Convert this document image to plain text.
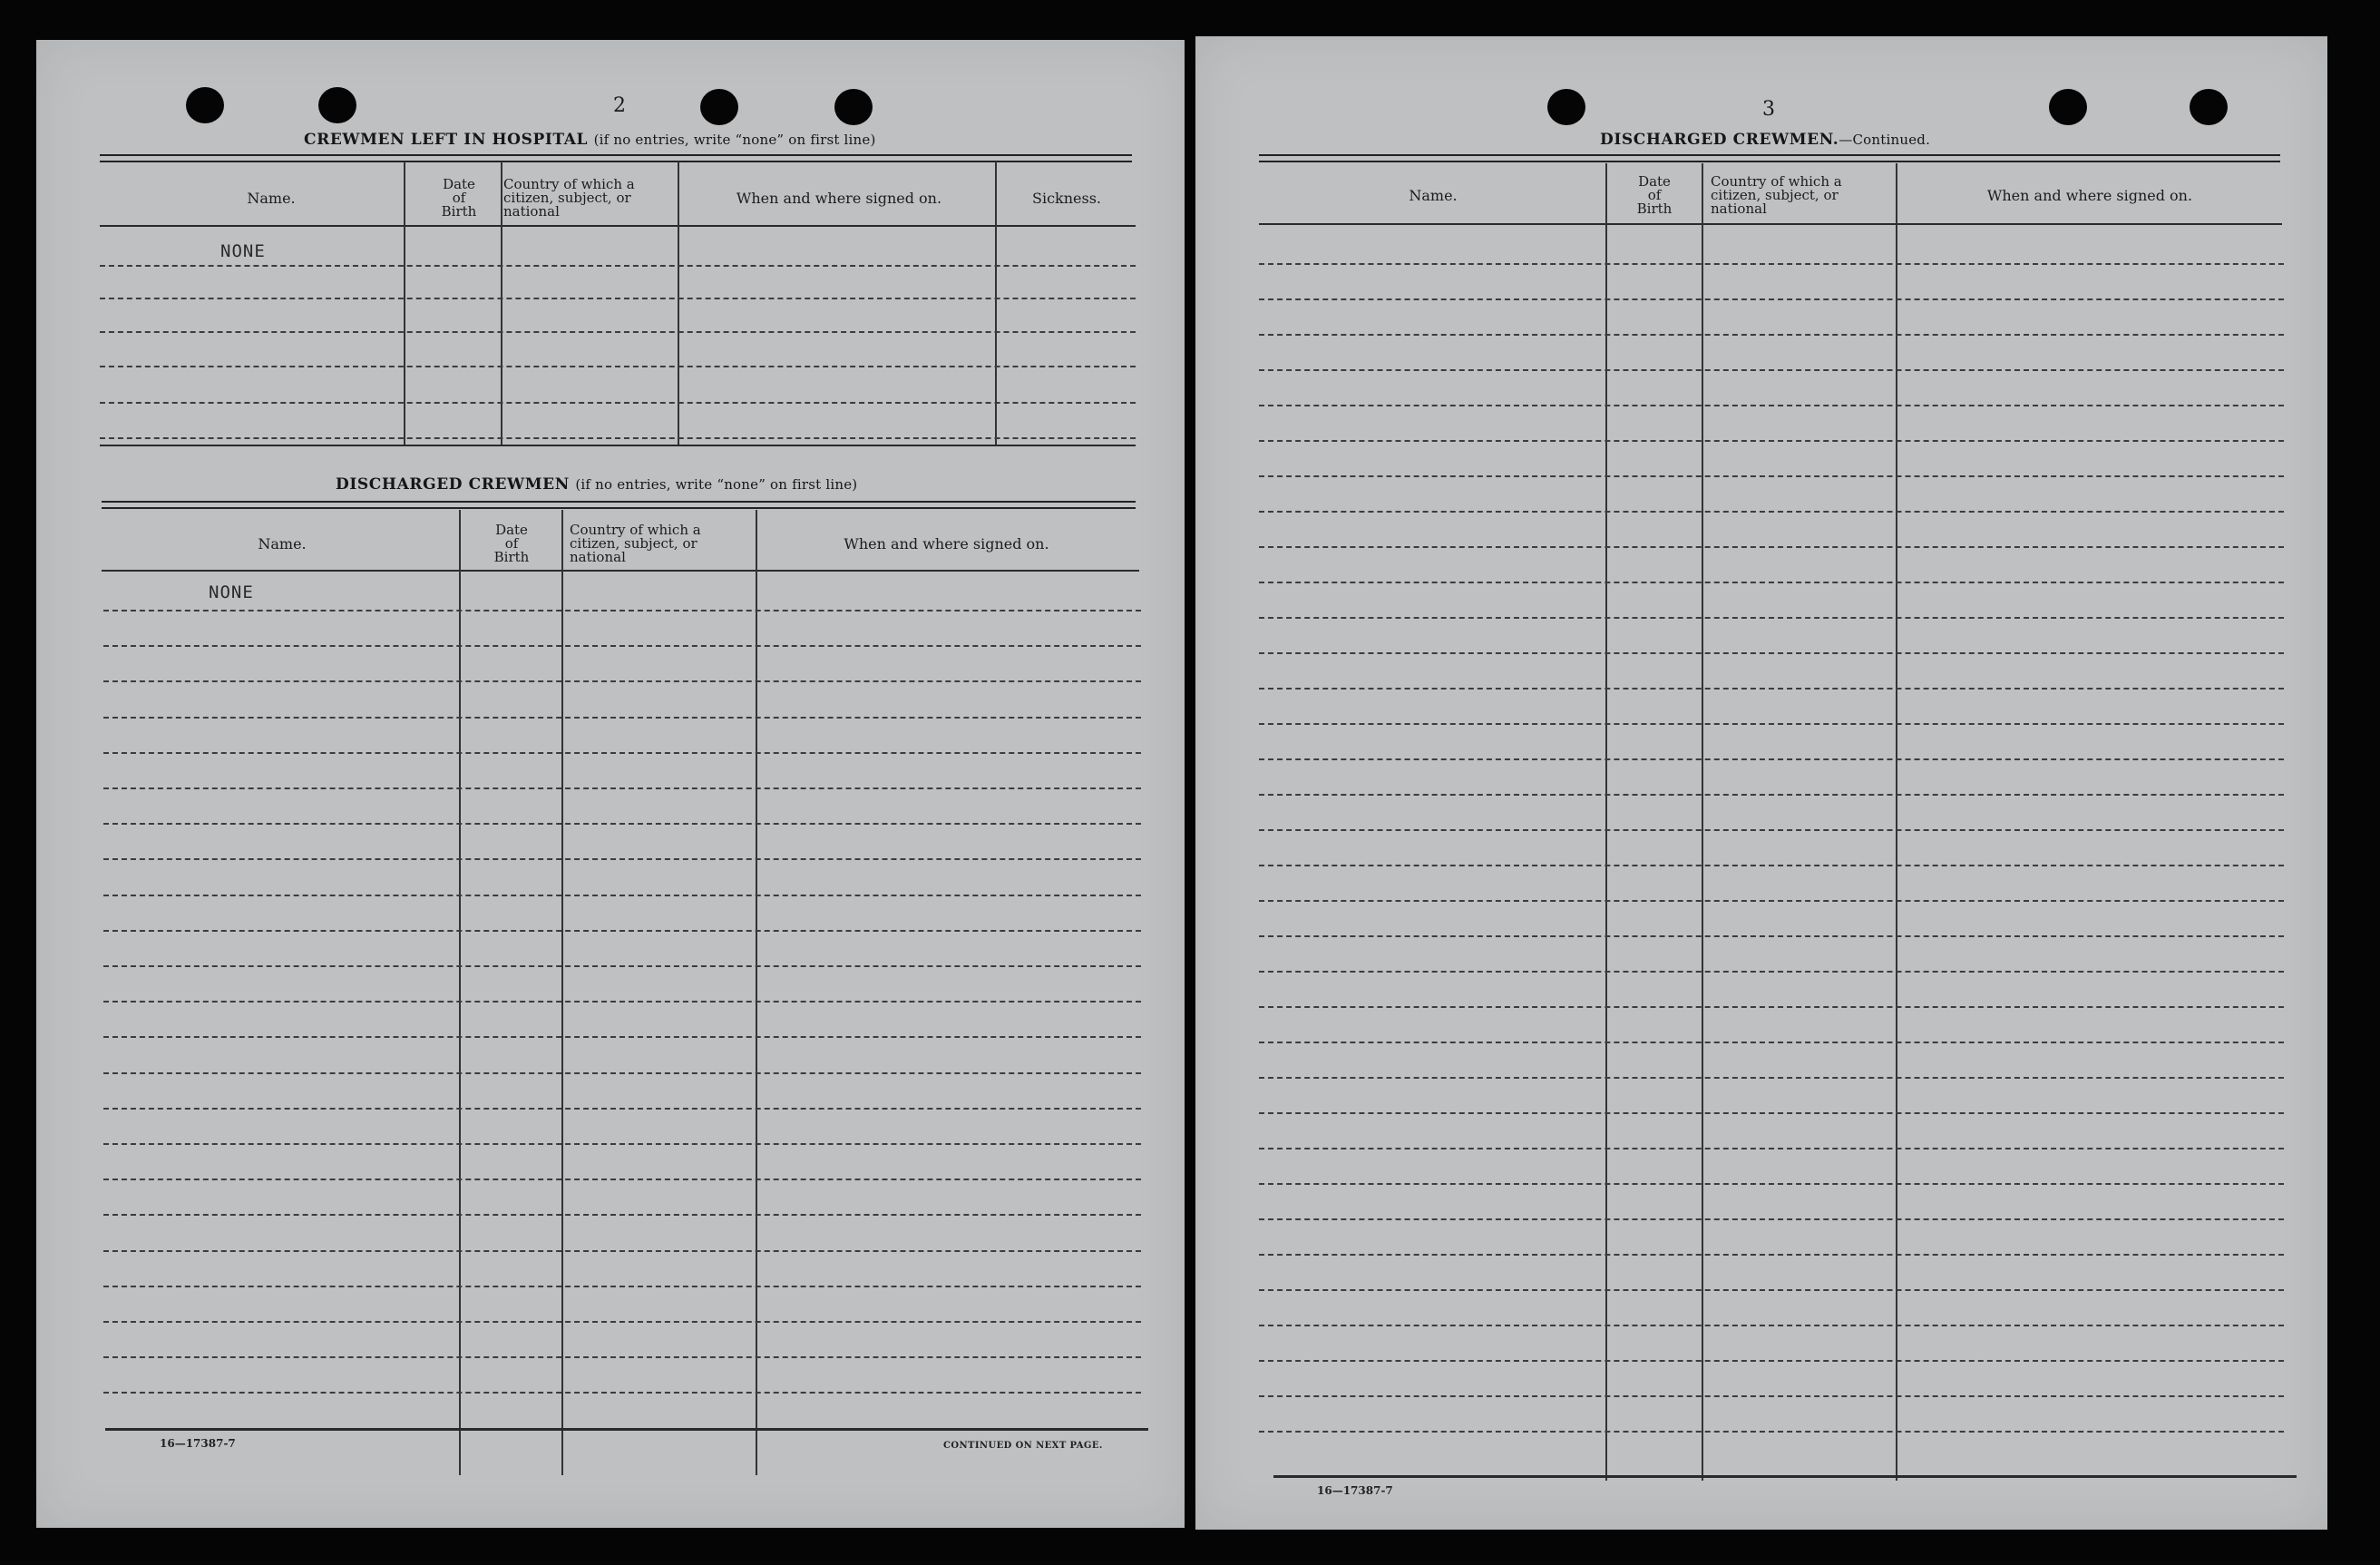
2
CREWMEN LEFT IN HOSPITAL (if no entries, write “none” on first line)
Name.
Date
of
Birth
Country of which a
citizen, subject, or
national
When and where signed on.	Sickness.
NONE
DISCHARGED CREWMEN (if no entries, write “none” on first line)
Name.
Date
of
Birth
Country of which a
citizen, subject, or
national
When and where signed on.
NONE
16—17387-7	CONTINUED ON NEXT PAGE.
3
DISCHARGED CREWMEN.—Continued.
Name.
Date
of
Birth
Country of which a
citizen, subject, or
national
When and where signed on.
16—17387-7
